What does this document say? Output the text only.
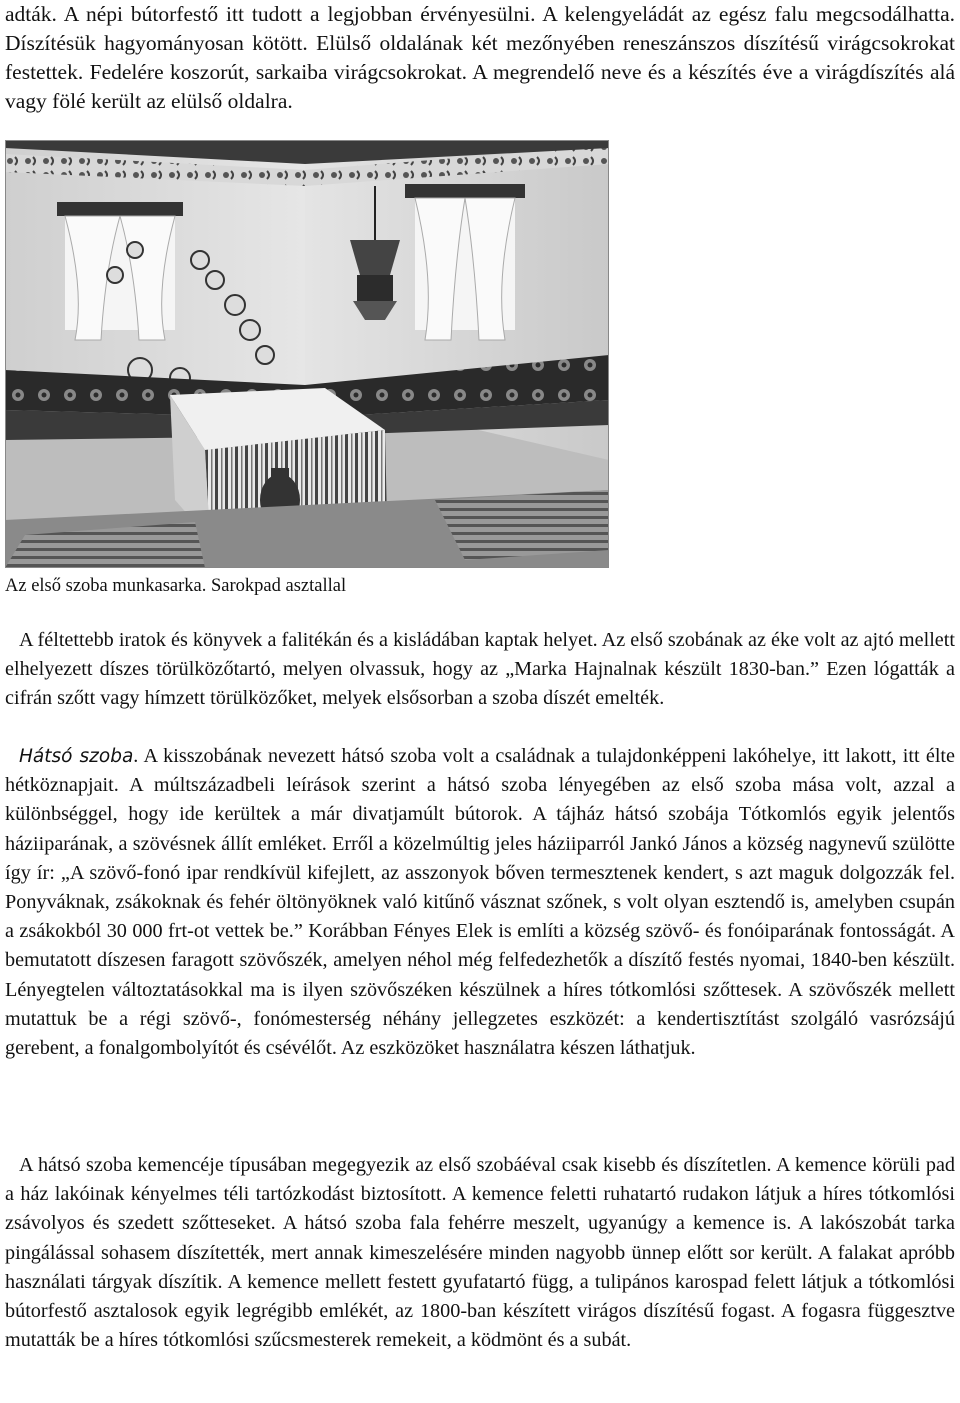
adták. A népi bútorfestő itt tudott a legjobban érvényesülni. A kelengyeládát az egész falu megcsodálhatta. Díszítésük hagyományosan kötött. Elülső oldalának két mezőnyében reneszánszos díszítésű virágcsokrokat festettek. Fedelére koszorút, sarkaiba virágcsokrokat. A megrendelő neve és a készítés éve a virágdíszítés alá vagy fölé került az elülső oldalra.

Az első szoba munkasarka. Sarokpad asztallal

A féltettebb iratok és könyvek a falitékán és a kisládában kaptak helyet. Az első szobának az éke volt az ajtó mellett elhelyezett díszes törülközőtartó, melyen olvassuk, hogy az „Marka Hajnalnak készült 1830-ban.” Ezen lógatták a cifrán szőtt vagy hímzett törülközőket, melyek elsősorban a szoba díszét emelték.

Hátsó szoba. A kisszobának nevezett hátsó szoba volt a családnak a tulajdonképpeni lakóhelye, itt lakott, itt élte hétköznapjait. A múltszázadbeli leírások szerint a hátsó szoba lényegében az első szoba mása volt, azzal a különbséggel, hogy ide kerültek a már divatjamúlt bútorok. A tájház hátsó szobája Tótkomlós egyik jelentős háziiparának, a szövésnek állít emléket. Erről a közelmúltig jeles háziiparról Jankó János a község nagynevű szülötte így ír: „A szövő-fonó ipar rendkívül kifejlett, az asszonyok bőven termesztenek kendert, s azt maguk dolgozzák fel. Ponyváknak, zsákoknak és fehér öltönyöknek való kitűnő vásznat szőnek, s volt olyan esztendő is, amelyben csupán a zsákokból 30 000 frt-ot vettek be.” Korábban Fényes Elek is említi a község szövő- és fonóiparának fontosságát. A bemutatott díszesen faragott szövőszék, amelyen néhol még felfedezhetők a díszítő festés nyomai, 1840-ben készült. Lényegtelen változtatásokkal ma is ilyen szövőszéken készülnek a híres tótkomlósi szőttesek. A szövőszék mellett mutattuk be a régi szövő-, fonómesterség néhány jellegzetes eszközét: a kendertisztítást szolgáló vasrózsájú gerebent, a fonalgombolyítót és csévélőt. Az eszközöket használatra készen láthatjuk.

A hátsó szoba kemencéje típusában megegyezik az első szobáéval csak kisebb és díszítetlen. A kemence körüli pad a ház lakóinak kényelmes téli tartózkodást biztosított. A kemence feletti ruhatartó rudakon látjuk a híres tótkomlósi zsávolyos és szedett szőtteseket. A hátsó szoba fala fehérre meszelt, ugyanúgy a kemence is. A lakószobát tarka pingálással sohasem díszítették, mert annak kimeszelésére minden nagyobb ünnep előtt sor került. A falakat apróbb használati tárgyak díszítik. A kemence mellett festett gyufatartó függ, a tulipános karospad felett látjuk a tótkomlósi bútorfestő asztalosok egyik legrégibb emlékét, az 1800-ban készített virágos díszítésű fogast. A fogasra függesztve mutatták be a híres tótkomlósi szűcsmesterek remekeit, a ködmönt és a subát.
